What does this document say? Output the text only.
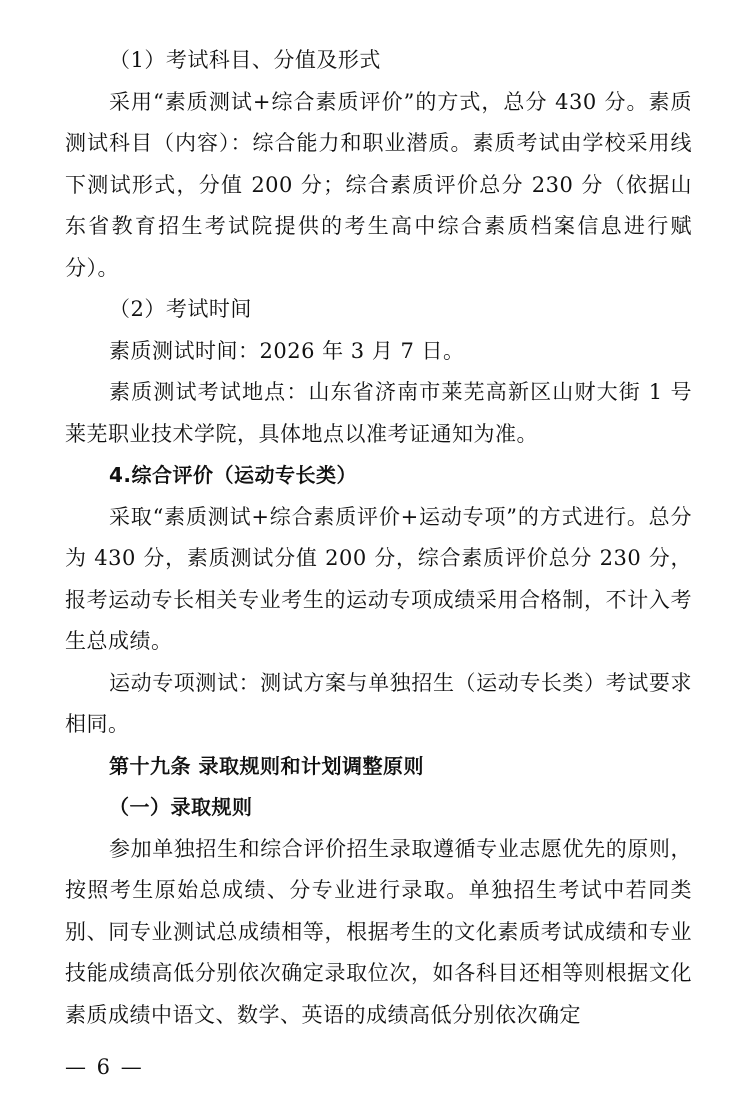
（1）考试科目、分值及形式

采用“素质测试+综合素质评价”的方式，总分 430 分。素质测试科目（内容）：综合能力和职业潜质。素质考试由学校采用线下测试形式，分值 200 分；综合素质评价总分 230 分（依据山东省教育招生考试院提供的考生高中综合素质档案信息进行赋分）。

（2）考试时间

素质测试时间：2026 年 3 月 7 日。

素质测试考试地点：山东省济南市莱芜高新区山财大街 1 号莱芜职业技术学院，具体地点以准考证通知为准。

4.综合评价（运动专长类）

采取“素质测试+综合素质评价+运动专项”的方式进行。总分为 430 分，素质测试分值 200 分，综合素质评价总分 230 分，报考运动专长相关专业考生的运动专项成绩采用合格制，不计入考生总成绩。

运动专项测试：测试方案与单独招生（运动专长类）考试要求相同。

第十九条 录取规则和计划调整原则

（一）录取规则

参加单独招生和综合评价招生录取遵循专业志愿优先的原则，按照考生原始总成绩、分专业进行录取。单独招生考试中若同类别、同专业测试总成绩相等，根据考生的文化素质考试成绩和专业技能成绩高低分别依次确定录取位次，如各科目还相等则根据文化素质成绩中语文、数学、英语的成绩高低分别依次确定

— 6 —
